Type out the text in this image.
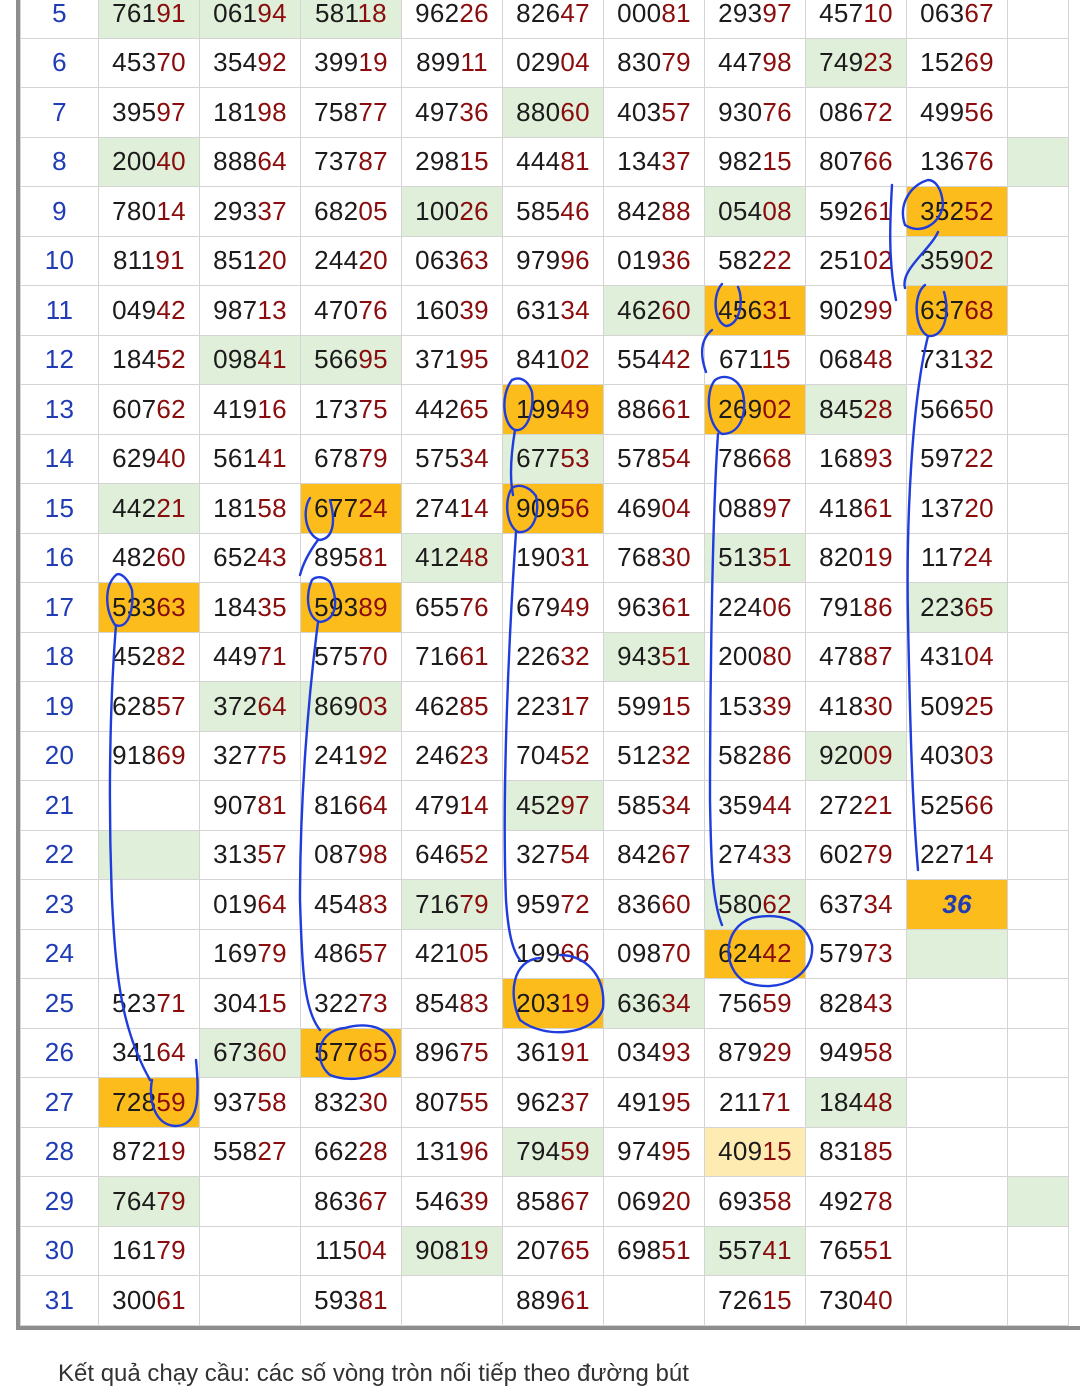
5	76191	06194	58118	96226	82647	00081	29397	45710	06367	
6	45370	35492	39919	89911	02904	83079	44798	74923	15269	
7	39597	18198	75877	49736	88060	40357	93076	08672	49956	
8	20040	88864	73787	29815	44481	13437	98215	80766	13676	
9	78014	29337	68205	10026	58546	84288	05408	59261	35252	
10	81191	85120	24420	06363	97996	01936	58222	25102	35902	
11	04942	98713	47076	16039	63134	46260	45631	90299	63768	
12	18452	09841	56695	37195	84102	55442	67115	06848	73132	
13	60762	41916	17375	44265	19949	88661	26902	84528	56650	
14	62940	56141	67879	57534	67753	57854	78668	16893	59722	
15	44221	18158	67724	27414	90956	46904	08897	41861	13720	
16	48260	65243	89581	41248	19031	76830	51351	82019	11724	
17	53363	18435	59389	65576	67949	96361	22406	79186	22365	
18	45282	44971	57570	71661	22632	94351	20080	47887	43104	
19	62857	37264	86903	46285	22317	59915	15339	41830	50925	
20	91869	32775	24192	24623	70452	51232	58286	92009	40303	
21		90781	81664	47914	45297	58534	35944	27221	52566	
22		31357	08798	64652	32754	84267	27433	60279	22714	
23		01964	45483	71679	95972	83660	58062	63734	36	
24		16979	48657	42105	19966	09870	62442	57973		
25	52371	30415	32273	85483	20319	63634	75659	82843		
26	34164	67360	57765	89675	36191	03493	87929	94958		
27	72859	93758	83230	80755	96237	49195	21171	18448		
28	87219	55827	66228	13196	79459	97495	40915	83185		
29	76479		86367	54639	85867	06920	69358	49278		
30	16179		11504	90819	20765	69851	55741	76551		
31	30061		59381		88961		72615	73040		
Kết quả chạy cầu: các số vòng tròn nối tiếp theo đường bút
